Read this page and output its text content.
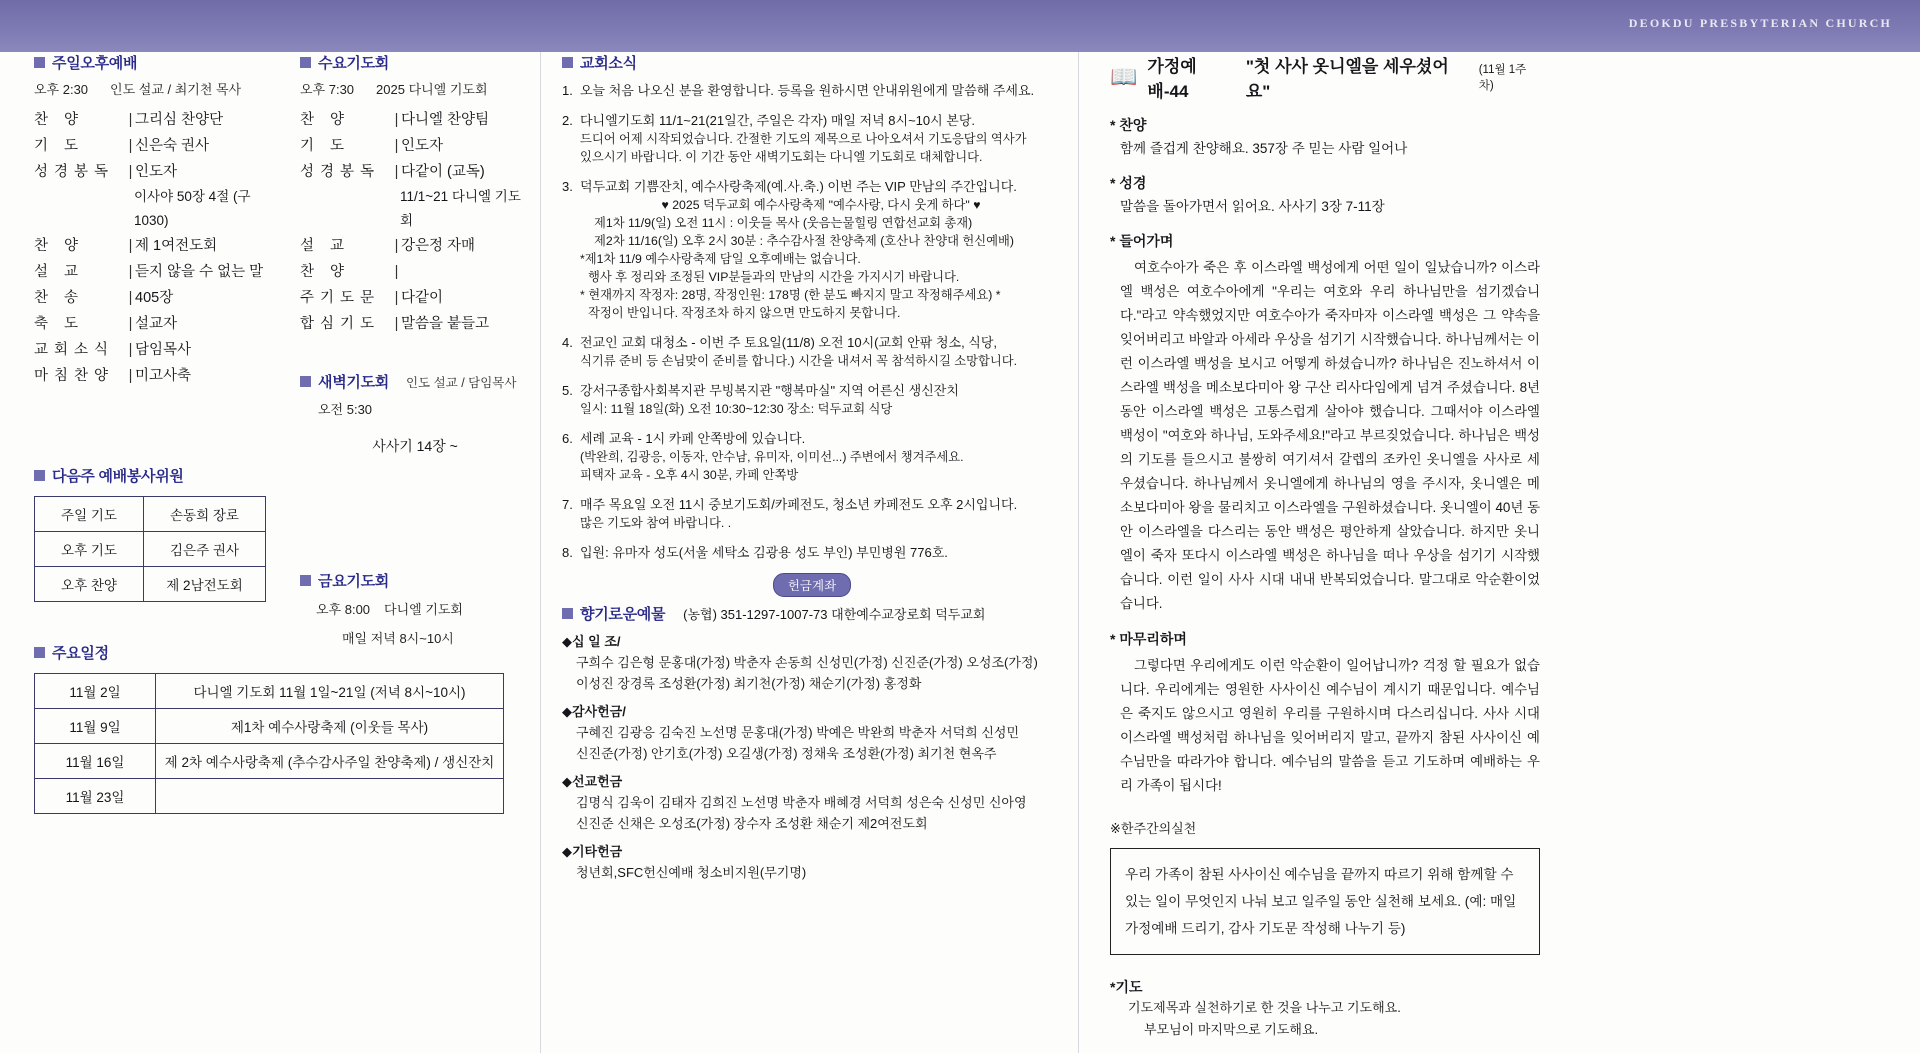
DEOKDU PRESBYTERIAN CHURCH
주일오후예배
오후 2:30 인도 설교 / 최기천 목사
찬 양	| 그리심 찬양단
기 도	| 신은숙 권사
성경봉독	| 인도자
이사야 50장 4절 (구 1030)
찬 양	| 제 1여전도회
설 교	| 듣지 않을 수 없는 말
찬 송	| 405장
축 도	| 설교자
교회소식	| 담임목사
마침찬양	| 미고사축
다음주 예배봉사위원
주일 기도	손동희 장로
오후 기도	김은주 권사
오후 찬양	제 2남전도회
주요일정
11월 2일	다니엘 기도회 11월 1일~21일 (저녁 8시~10시)
11월 9일	제1차 예수사랑축제 (이웃들 목사)
11월 16일	제 2차 예수사랑축제 (추수감사주일 찬양축제) / 생신잔치
11월 23일	
수요기도회
오후 7:30 2025 다니엘 기도회
찬 양	| 다니엘 찬양팀
기 도	| 인도자
성경봉독	| 다같이 (교독)
11/1~21 다니엘 기도회
설 교	| 강은정 자매
찬 양	|

주기도문	| 다같이
합심기도	| 말씀을 붙들고
새벽기도회 인도 설교 / 담임목사
오전 5:30
사사기 14장 ~
금요기도회
오후 8:00 다니엘 기도회
매일 저녁 8시~10시
교회소식
1. 오늘 처음 나오신 분을 환영합니다. 등록을 원하시면 안내위원에게 말씀해 주세요.
2. 다니엘기도회 11/1~21(21일간, 주일은 각자) 매일 저녁 8시~10시 본당.
드디어 어제 시작되었습니다. 간절한 기도의 제목으로 나아오셔서 기도응답의 역사가
있으시기 바랍니다. 이 기간 동안 새벽기도회는 다니엘 기도회로 대체합니다.
3. 덕두교회 기쁨잔치, 예수사랑축제(예.사.축.) 이번 주는 VIP 만남의 주간입니다.
♥ 2025 덕두교회 예수사랑축제 "예수사랑, 다시 웃게 하다" ♥
제1차 11/9(일) 오전 11시 : 이웃들 목사 (웃음는물힐링 연합선교회 총재)
제2차 11/16(일) 오후 2시 30분 : 추수감사절 찬양축제 (호산나 찬양대 헌신예배)
*제1차 11/9 예수사랑축제 담일 오후예배는 없습니다.
행사 후 정리와 조정된 VIP분들과의 만남의 시간을 가지시기 바랍니다.
* 현재까지 작정자: 28명, 작정인원: 178명 (한 분도 빠지지 말고 작정해주세요) *
작정이 반입니다. 작정조차 하지 않으면 만도하지 못합니다.
4. 전교인 교회 대청소 - 이번 주 토요일(11/8) 오전 10시(교회 안팎 청소, 식당,
식기류 준비 등 손님맞이 준비를 합니다.) 시간을 내셔서 꼭 참석하시길 소망합니다.
5. 강서구종합사회복지관 무빙복지관 "행복마실" 지역 어른신 생신잔치
일시: 11월 18일(화) 오전 10:30~12:30 장소: 덕두교회 식당
6. 세례 교육 - 1시 카페 안쪽방에 있습니다.
(박완희, 김광응, 이동자, 안수남, 유미자, 이미선...) 주변에서 챙겨주세요.
피택자 교육 - 오후 4시 30분, 카페 안쪽방
7. 매주 목요일 오전 11시 중보기도회/카페전도, 청소년 카페전도 오후 2시입니다.
많은 기도와 참여 바랍니다. .
8. 입원: 유마자 성도(서울 세탁소 김광용 성도 부인) 부민병원 776호.
헌금계좌
향기로운예물 (농협) 351-1297-1007-73 대한예수교장로회 덕두교회
◆십 일 조/
구희수 김은형 문홍대(가정) 박춘자 손동희 신성민(가정) 신진준(가정) 오성조(가정)
이성진 장경록 조성환(가정) 최기천(가정) 채순기(가정) 홍정화
◆감사헌금/
구혜진 김광응 김숙진 노선명 문홍대(가정) 박예은 박완희 박춘자 서덕희 신성민
신진준(가정) 안기호(가정) 오길생(가정) 정채욱 조성환(가정) 최기천 현옥주
◆선교헌금
김명식 김욱이 김태자 김희진 노선명 박춘자 배혜경 서덕희 성은숙 신성민 신아영
신진준 신채은 오성조(가정) 장수자 조성환 채순기 제2여전도회
◆기타헌금
청년회,SFC헌신예배 청소비지원(무기명)
📖 가정예배-44
"첫 사사 옷니엘을 세우셨어요"
(11월 1주차)
* 찬양
함께 즐겁게 찬양해요. 357장 주 믿는 사람 일어나
* 성경
말씀을 돌아가면서 읽어요. 사사기 3장 7-11장
* 들어가며
여호수아가 죽은 후 이스라엘 백성에게 어떤 일이 일났습니까? 이스라엘 백성은 여호수아에게 "우리는 여호와 우리 하나님만을 섬기겠습니다."라고 약속했었지만 여호수아가 죽자마자 이스라엘 백성은 그 약속을 잊어버리고 바알과 아세라 우상을 섬기기 시작했습니다. 하나님께서는 이런 이스라엘 백성을 보시고 어떻게 하셨습니까? 하나님은 진노하셔서 이스라엘 백성을 메소보다미아 왕 구산 리사다임에게 넘겨 주셨습니다. 8년 동안 이스라엘 백성은 고통스럽게 살아야 했습니다. 그때서야 이스라엘 백성이 "여호와 하나님, 도와주세요!"라고 부르짖었습니다. 하나님은 백성의 기도를 들으시고 불쌍히 여기셔서 갈렙의 조카인 옷니엘을 사사로 세우셨습니다. 하나님께서 옷니엘에게 하나님의 영을 주시자, 옷니엘은 메소보다미아 왕을 물리치고 이스라엘을 구원하셨습니다. 옷니엘이 40년 동안 이스라엘을 다스리는 동안 백성은 평안하게 살았습니다. 하지만 옷니엘이 죽자 또다시 이스라엘 백성은 하나님을 떠나 우상을 섬기기 시작했습니다. 이런 일이 사사 시대 내내 반복되었습니다. 말그대로 악순환이었습니다.
* 마무리하며
그렇다면 우리에게도 이런 악순환이 일어납니까? 걱정 할 필요가 없습니다. 우리에게는 영원한 사사이신 예수님이 계시기 때문입니다. 예수님은 죽지도 않으시고 영원히 우리를 구원하시며 다스리십니다. 사사 시대 이스라엘 백성처럼 하나님을 잊어버리지 말고, 끝까지 참된 사사이신 예수님만을 따라가야 합니다. 예수님의 말씀을 듣고 기도하며 예배하는 우리 가족이 됩시다!
※한주간의실천
우리 가족이 참된 사사이신 예수님을 끝까지 따르기 위해 함께할 수 있는 일이 무엇인지 나눠 보고 일주일 동안 실천해 보세요. (예: 매일 가정예배 드리기, 감사 기도문 작성해 나누기 등)
*기도
기도제목과 실천하기로 한 것을 나누고 기도해요.
부모님이 마지막으로 기도해요.
